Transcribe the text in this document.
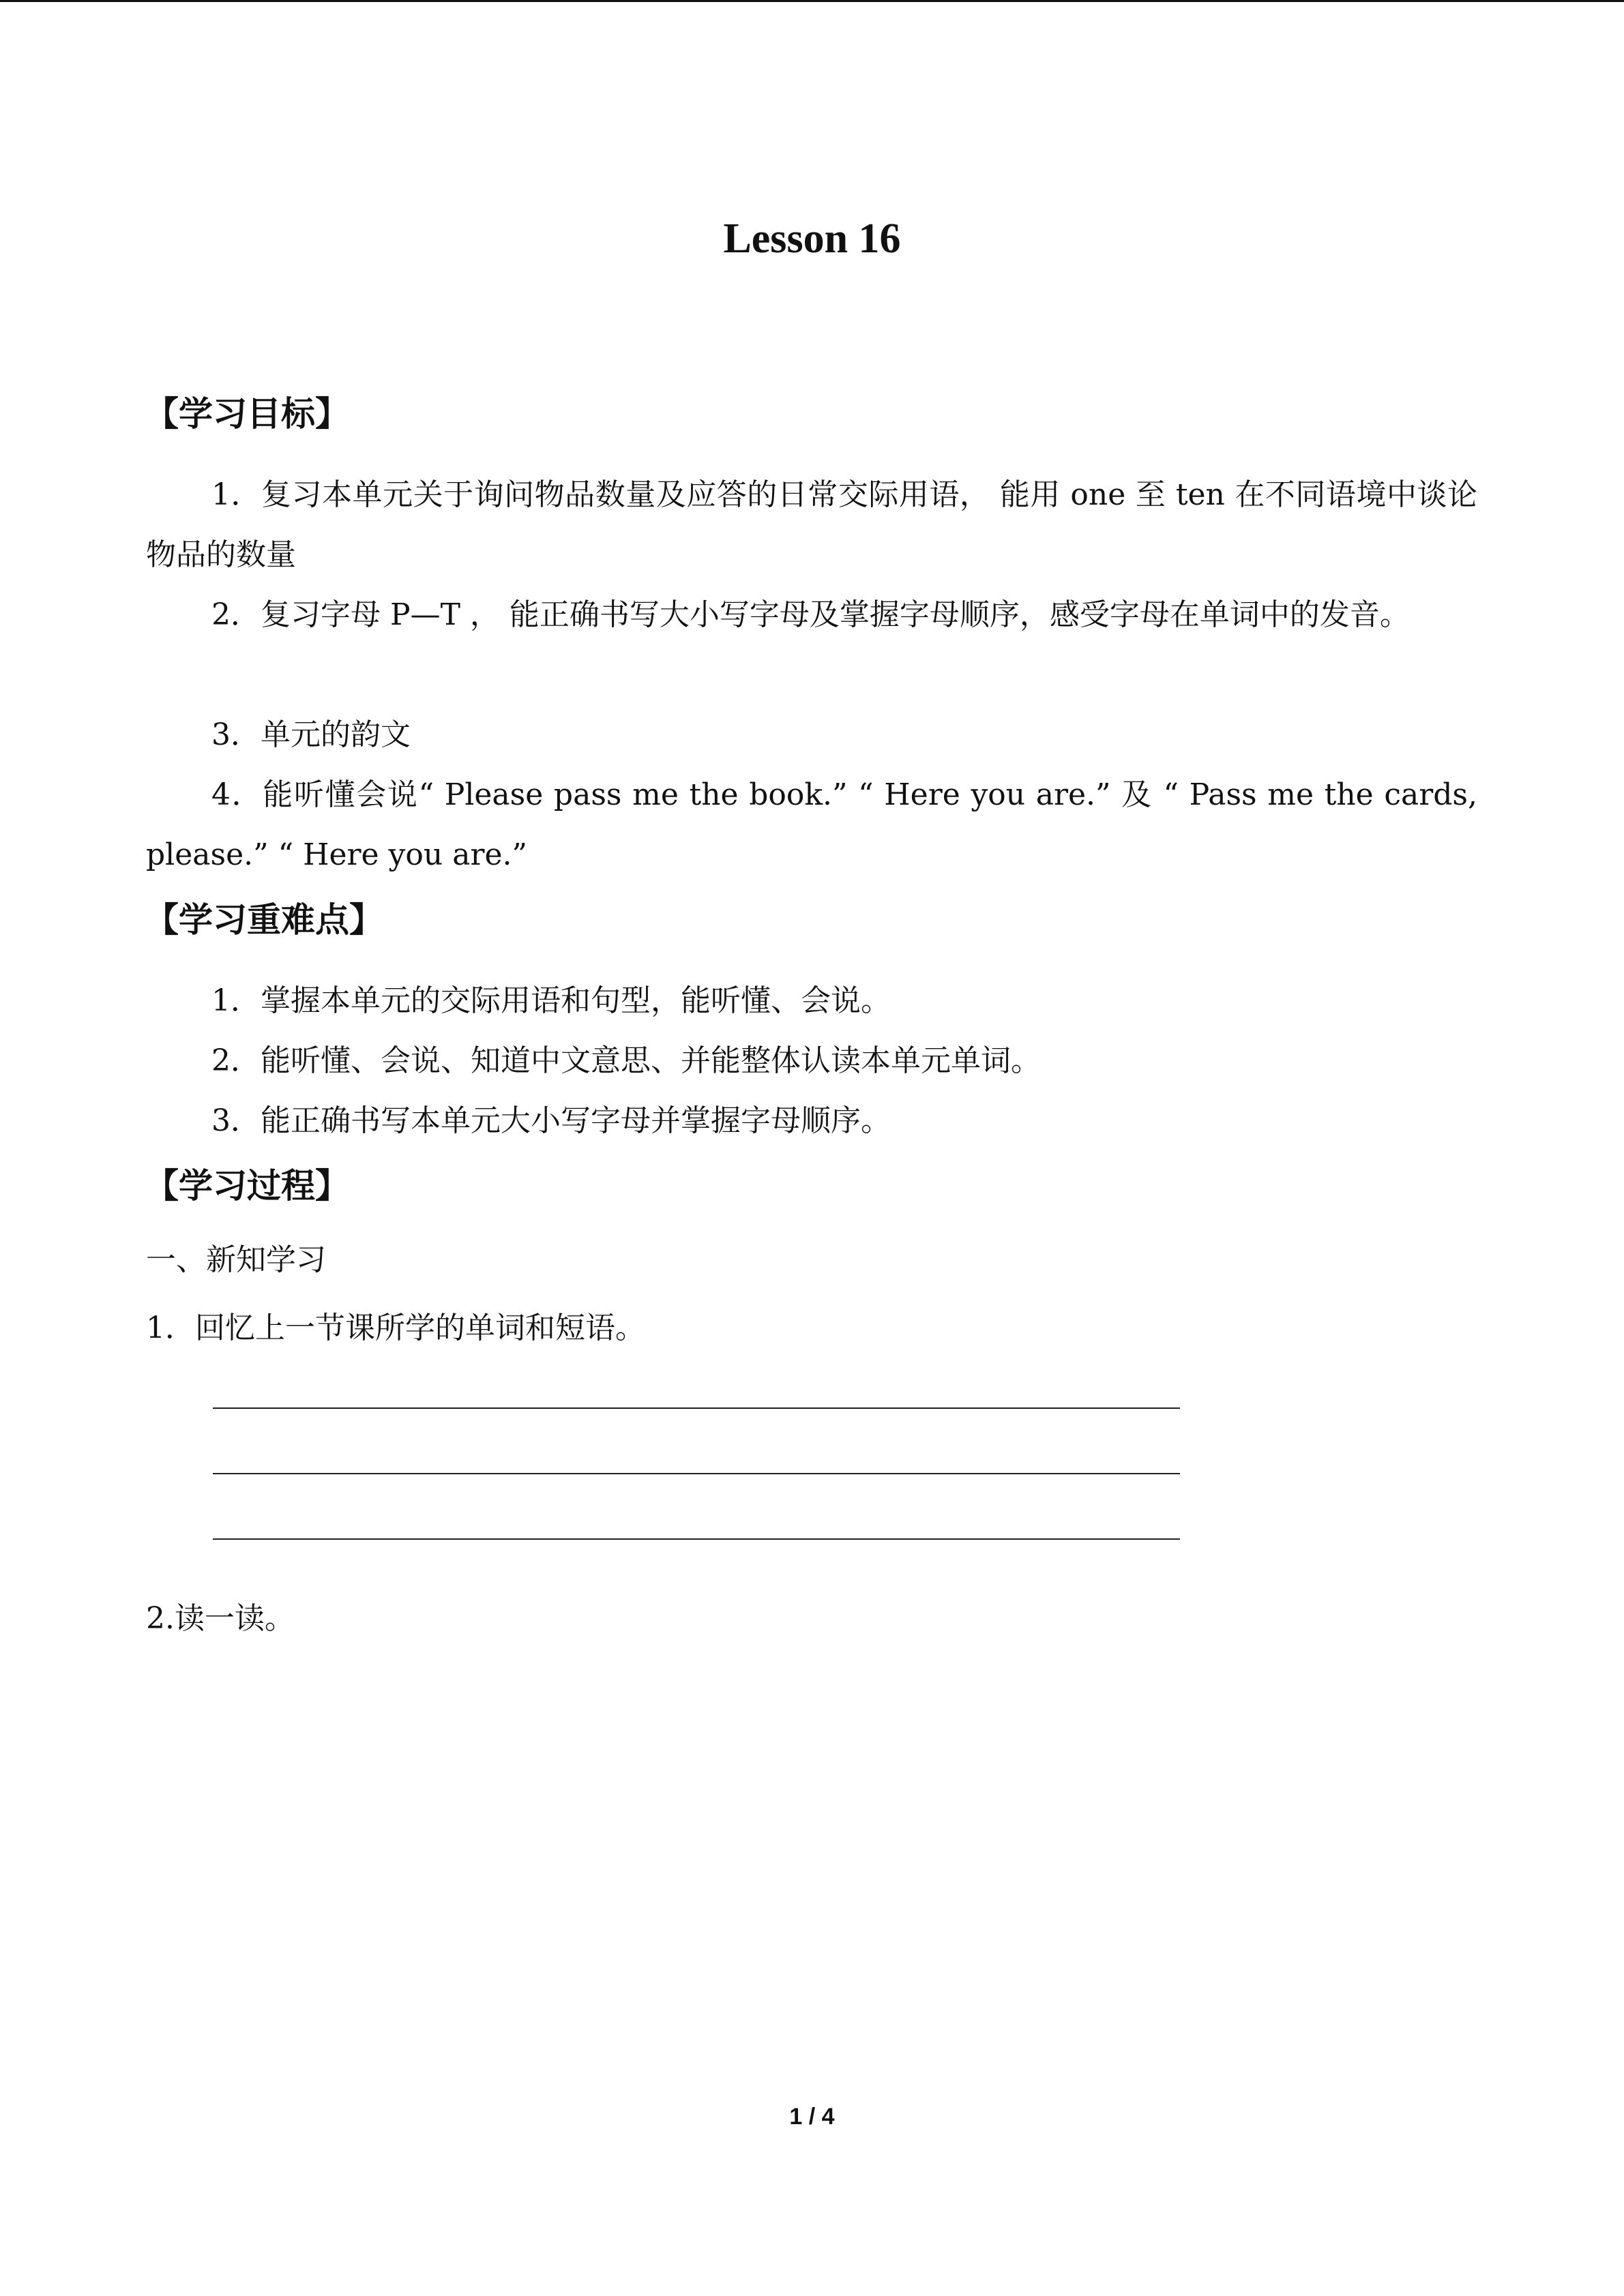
Lesson 16
【学习目标】

1．复习本单元关于询问物品数量及应答的日常交际用语， 能用 one 至 ten 在不同语境中谈论物品的数量

2．复习字母 P—T ， 能正确书写大小写字母及掌握字母顺序，感受字母在单词中的发音。

3．单元的韵文

4．能听懂会说“ Please pass me the book.” “ Here you are.” 及 “ Pass me the cards, please.” “ Here you are.”

【学习重难点】

1．掌握本单元的交际用语和句型，能听懂、会说。

2．能听懂、会说、知道中文意思、并能整体认读本单元单词。

3．能正确书写本单元大小写字母并掌握字母顺序。

【学习过程】

一、新知学习

1．回忆上一节课所学的单词和短语。

2.读一读。

1 / 4
